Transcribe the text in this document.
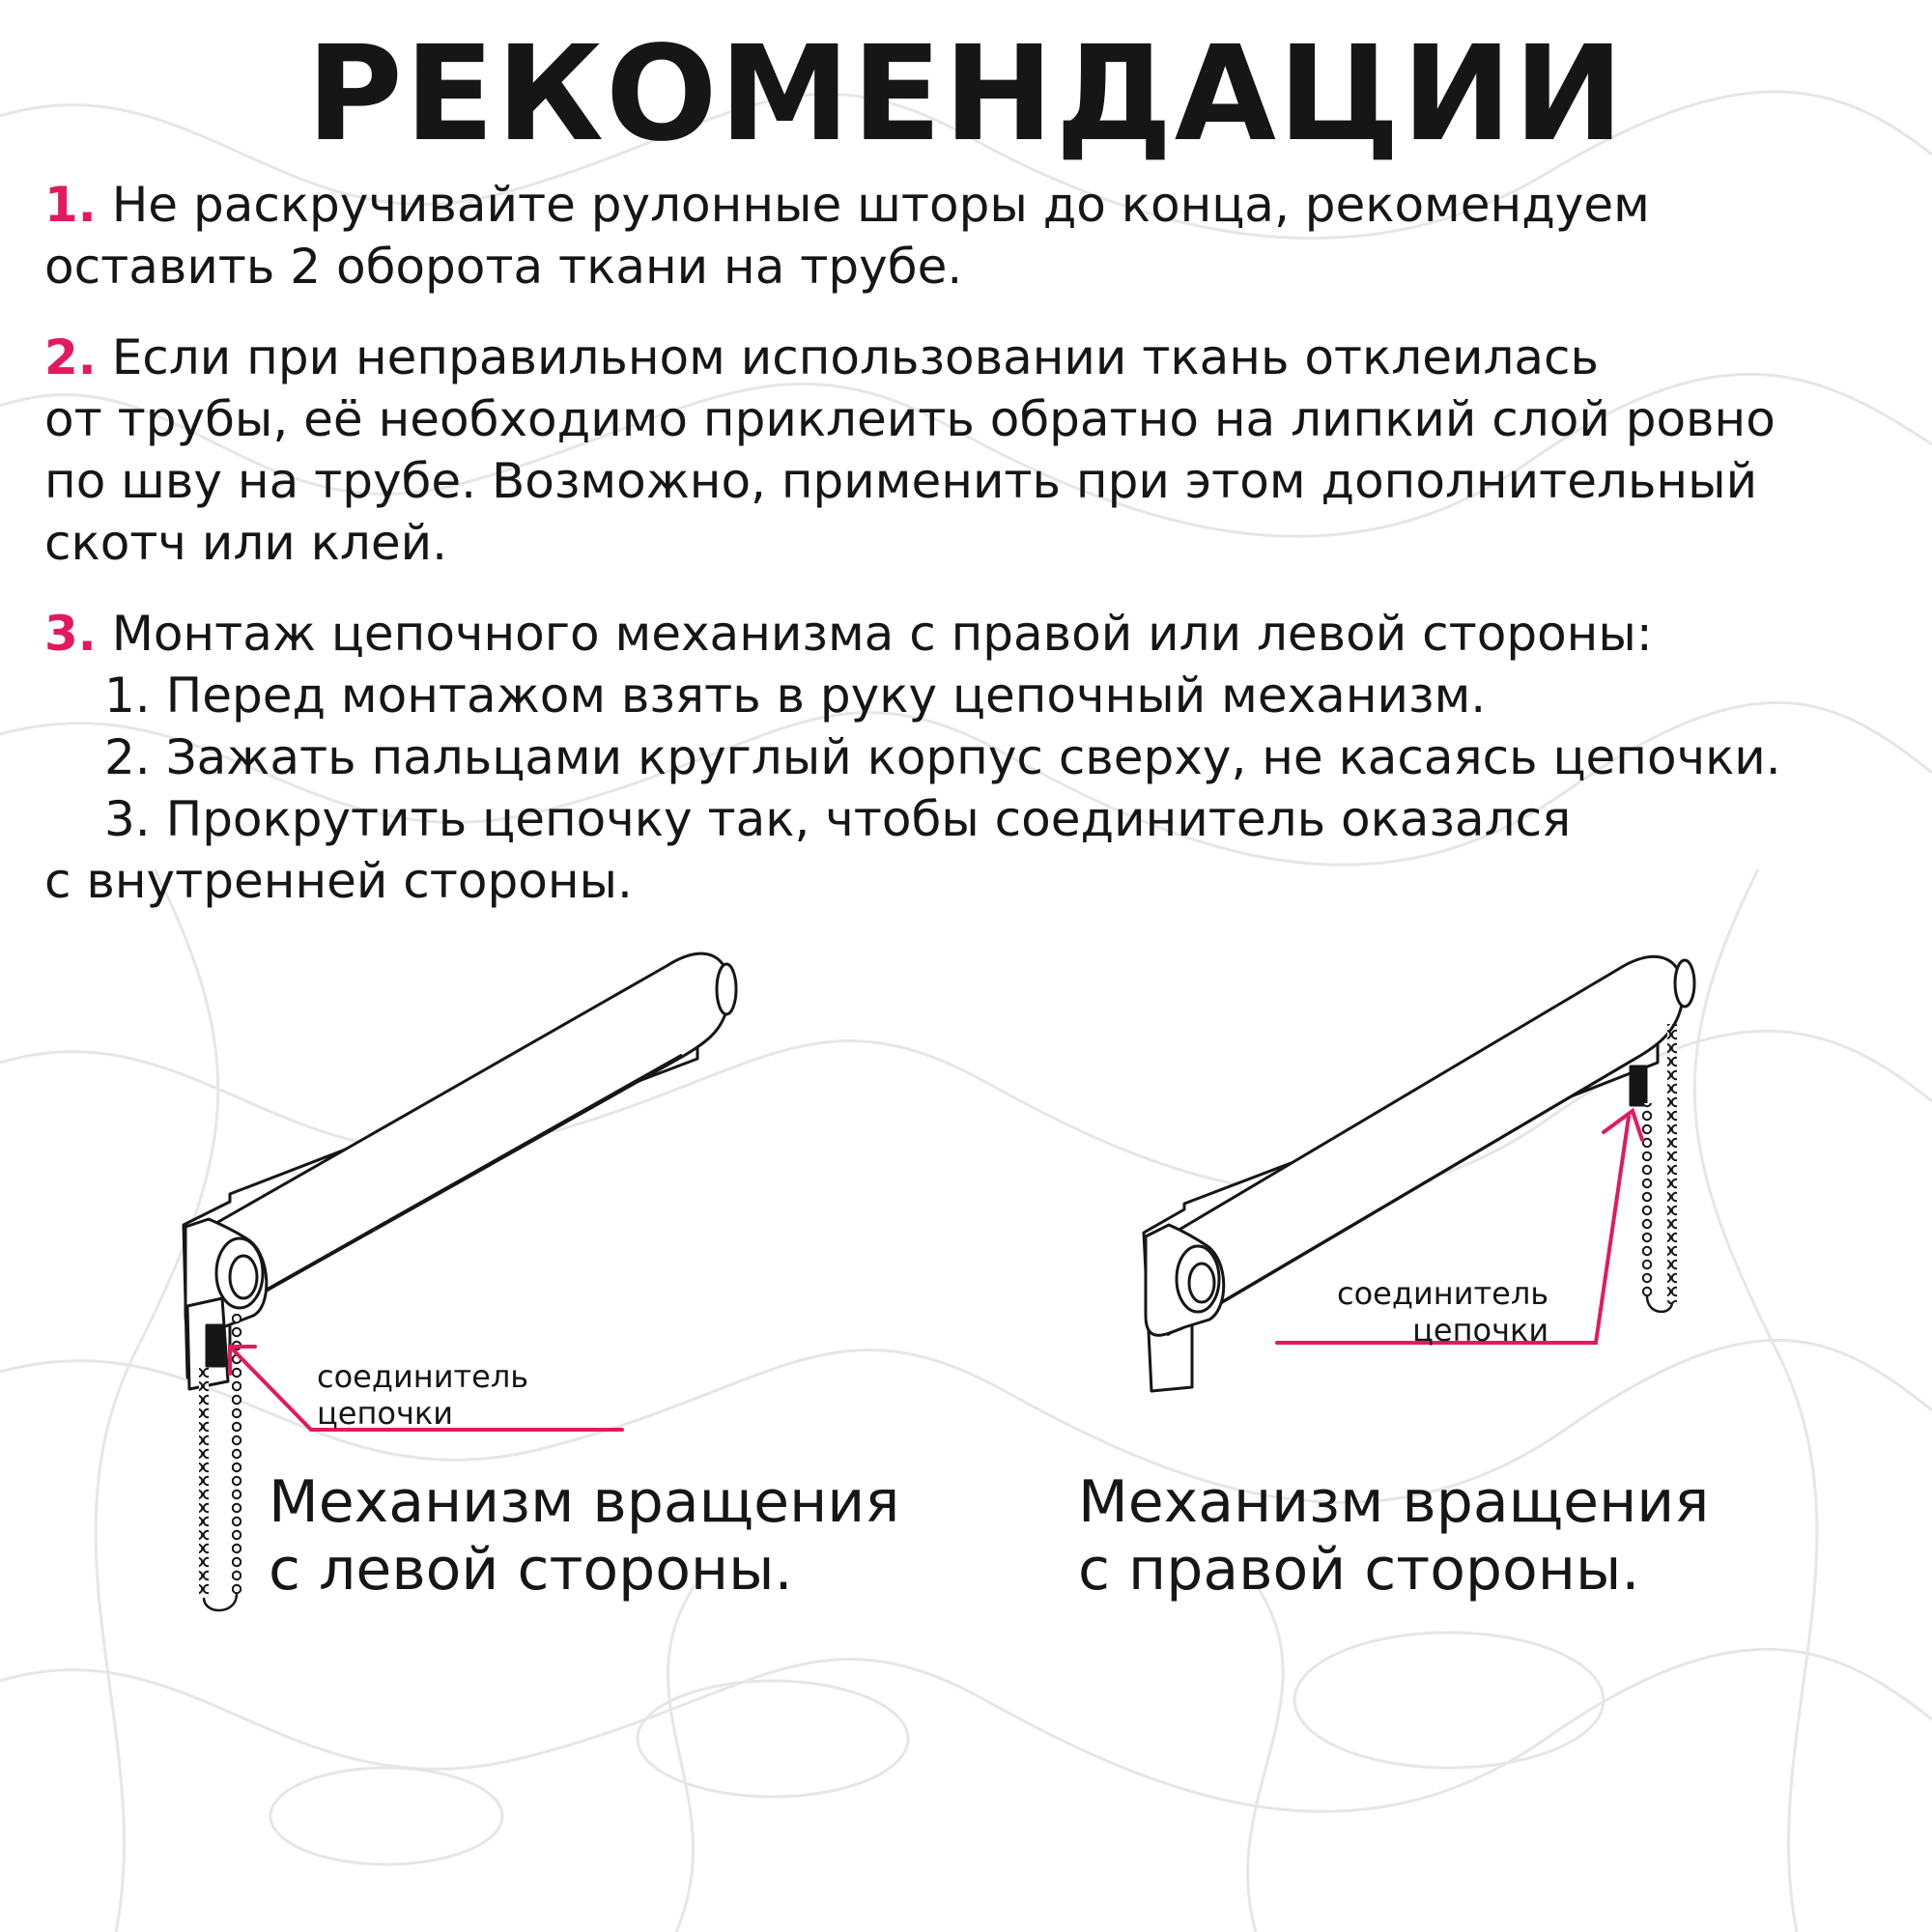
РЕКОМЕНДАЦИИ

1. Не раскручивайте рулонные шторы до конца, рекомендуем
оставить 2 оборота ткани на трубе.

2. Если при неправильном использовании ткань отклеилась
от трубы, её необходимо приклеить обратно на липкий слой ровно
по шву на трубе. Возможно, применить при этом дополнительный
скотч или клей.

3. Монтаж цепочного механизма с правой или левой стороны:
1. Перед монтажом взять в руку цепочный механизм.
2. Зажать пальцами круглый корпус сверху, не касаясь цепочки.
3. Прокрутить цепочку так, чтобы соединитель оказался
с внутренней стороны.

соединитель
цепочки
соединитель
цепочки
Механизм вращения
с левой стороны.
Механизм вращения
с правой стороны.
